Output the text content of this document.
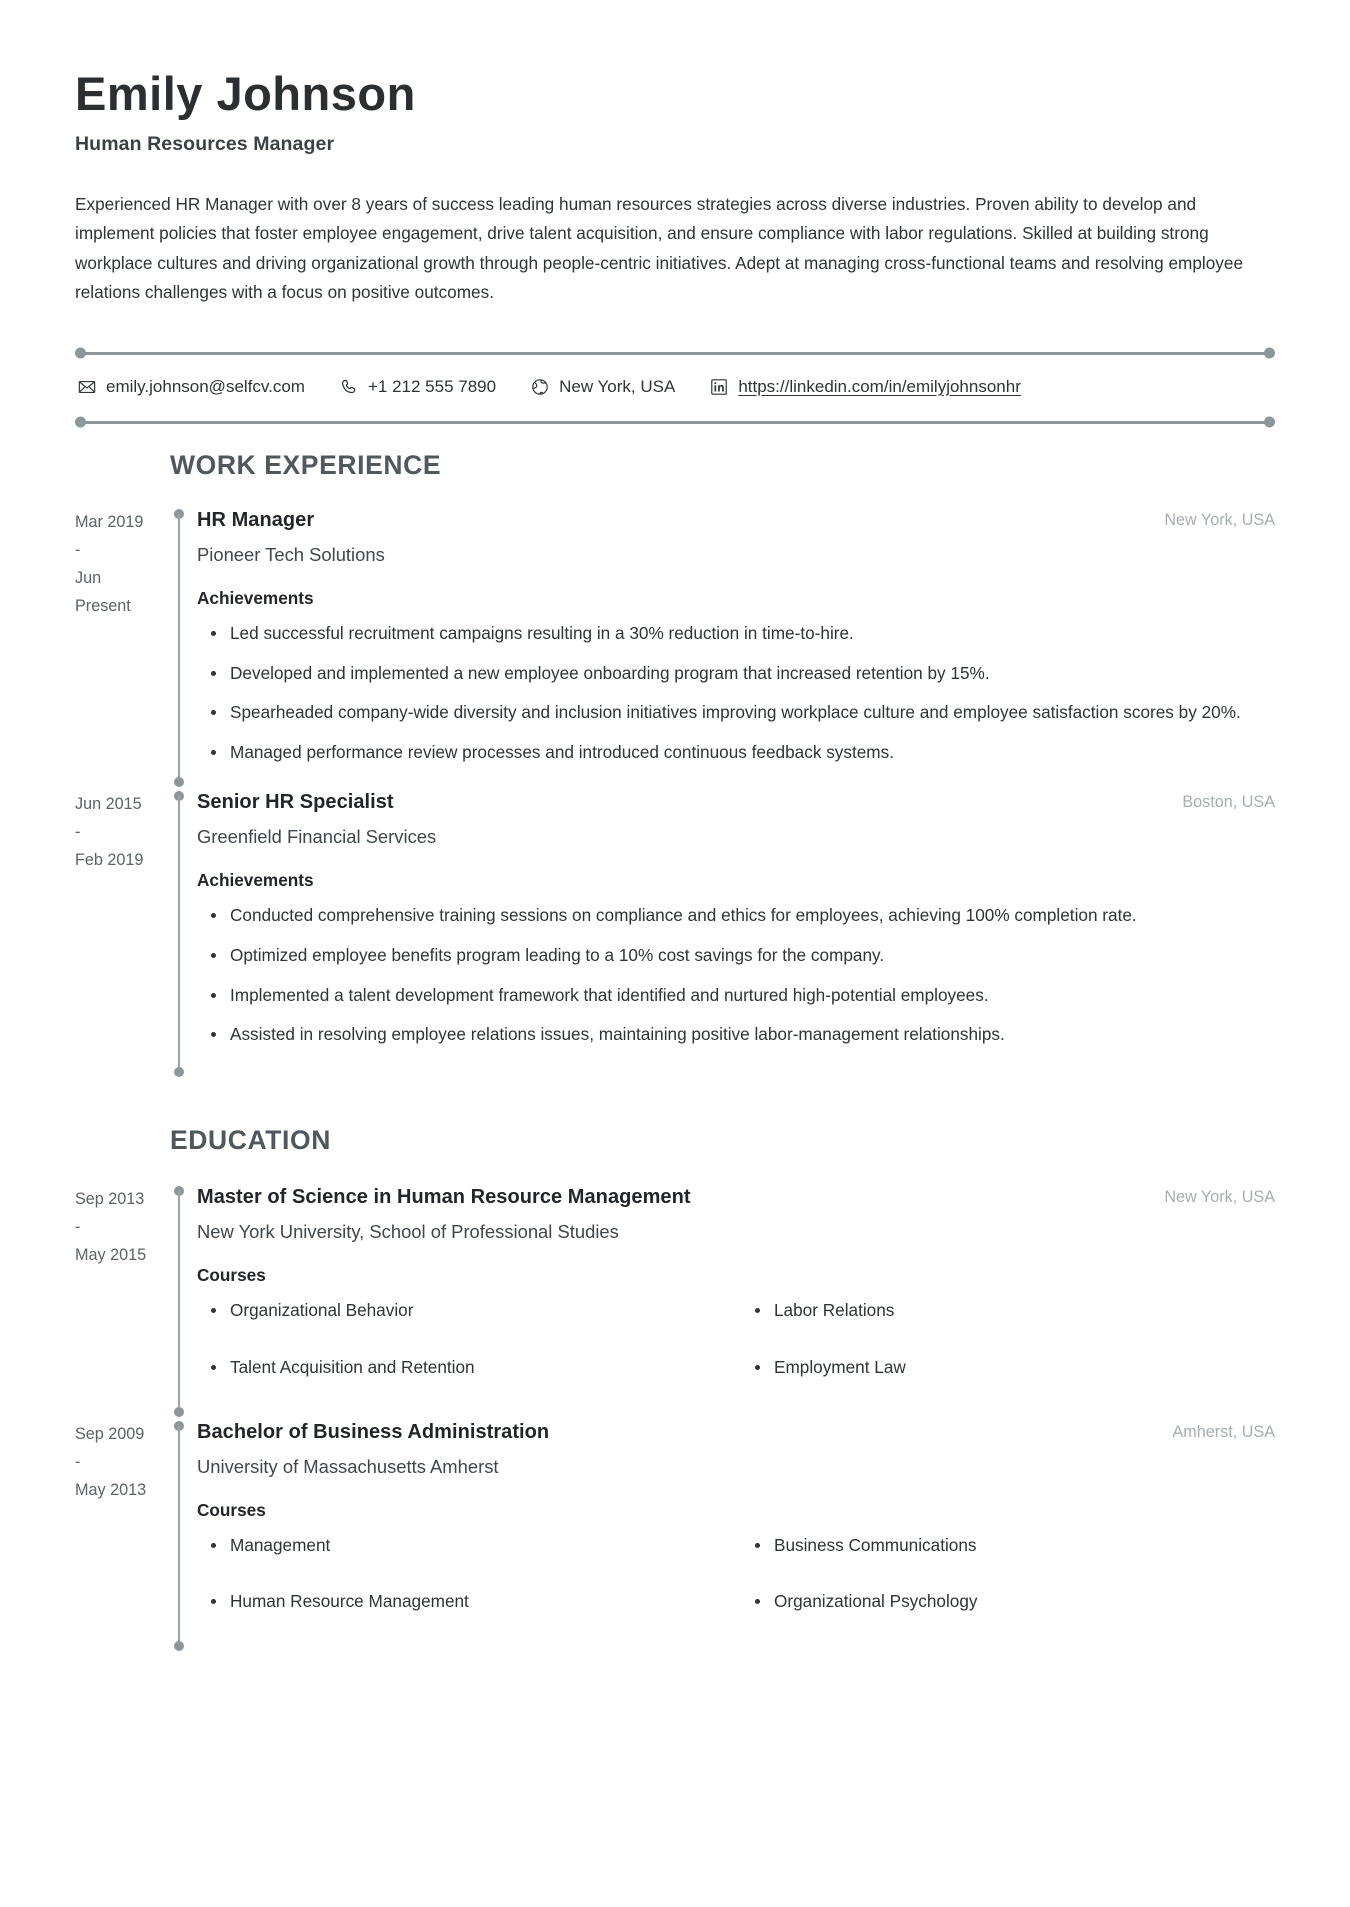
Emily Johnson
Human Resources Manager

Experienced HR Manager with over 8 years of success leading human resources strategies across diverse industries. Proven ability to develop and implement policies that foster employee engagement, drive talent acquisition, and ensure compliance with labor regulations. Skilled at building strong workplace cultures and driving organizational growth through people-centric initiatives. Adept at managing cross-functional teams and resolving employee relations challenges with a focus on positive outcomes.

emily.johnson@selfcv.com	+1 212 555 7890	New York, USA	https://linkedin.com/in/emilyjohnsonhr
WORK EXPERIENCE
Mar 2019
-
Jun
Present
HR Manager	New York, USA
Pioneer Tech Solutions
Achievements
Led successful recruitment campaigns resulting in a 30% reduction in time-to-hire.
Developed and implemented a new employee onboarding program that increased retention by 15%.
Spearheaded company-wide diversity and inclusion initiatives improving workplace culture and employee satisfaction scores by 20%.
Managed performance review processes and introduced continuous feedback systems.
Jun 2015
-
Feb 2019
Senior HR Specialist	Boston, USA
Greenfield Financial Services
Achievements
Conducted comprehensive training sessions on compliance and ethics for employees, achieving 100% completion rate.
Optimized employee benefits program leading to a 10% cost savings for the company.
Implemented a talent development framework that identified and nurtured high-potential employees.
Assisted in resolving employee relations issues, maintaining positive labor-management relationships.
EDUCATION
Sep 2013
-
May 2015
Master of Science in Human Resource Management	New York, USA
New York University, School of Professional Studies
Courses
Organizational Behavior	Labor Relations
Talent Acquisition and Retention	Employment Law
Sep 2009
-
May 2013
Bachelor of Business Administration	Amherst, USA
University of Massachusetts Amherst
Courses
Management	Business Communications
Human Resource Management	Organizational Psychology
